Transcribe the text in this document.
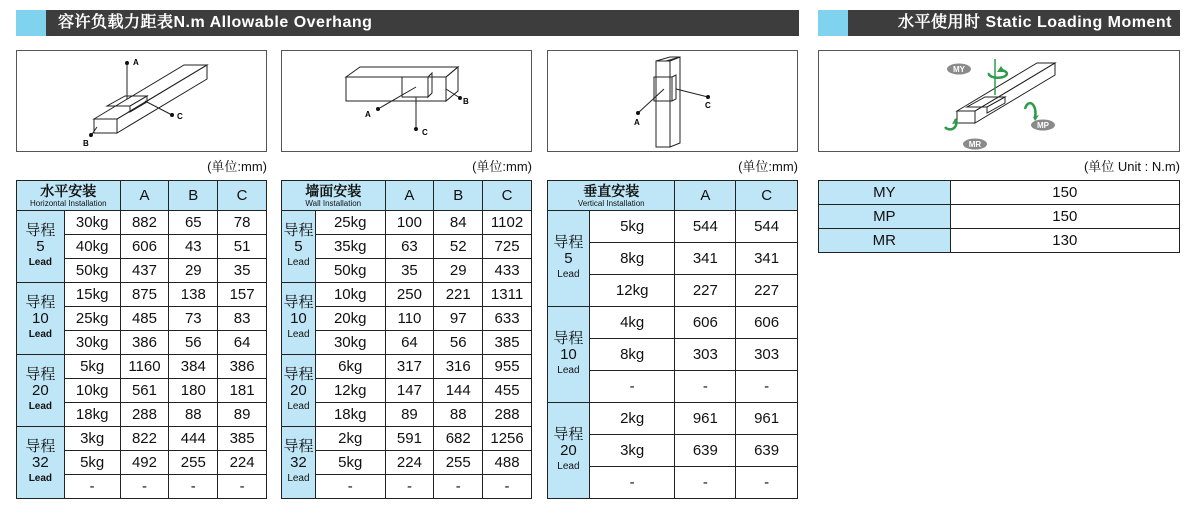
容许负载力距表N.m Allowable Overhang	水平使用时 Static Loading Moment
A
C
B
A
C
B
A
C
MY
MP
MR
(单位:mm)	(单位:mm)	(单位:mm)	(单位 Unit : N.m)
水平安装
Horizontal Installation		A	B	C

导程
5
Lead	30kg	882	65	78
	40kg	606	43	51
	50kg	437	29	35

导程
10
Lead	15kg	875	138	157
	25kg	485	73	83
	30kg	386	56	64

导程
20
Lead	5kg	1160	384	386
	10kg	561	180	181
	18kg	288	88	89

导程
32
Lead	3kg	822	444	385
	5kg	492	255	224
	-	-	-	-
墙面安装
Wall Installation		A	B	C

导程
5
Lead	25kg	100	84	1102
	35kg	63	52	725
	50kg	35	29	433

导程
10
Lead	10kg	250	221	1311
	20kg	110	97	633
	30kg	64	56	385

导程
20
Lead	6kg	317	316	955
	12kg	147	144	455
	18kg	89	88	288

导程
32
Lead	2kg	591	682	1256
	5kg	224	255	488
	-	-	-	-
垂直安装
Vertical Installation		A	C

导程
5
Lead	5kg	544	544
	8kg	341	341
	12kg	227	227

导程
10
Lead	4kg	606	606
	8kg	303	303
	-	-	-

导程
20
Lead	2kg	961	961
	3kg	639	639
	-	-	-
MY	150
MP	150
MR	130
